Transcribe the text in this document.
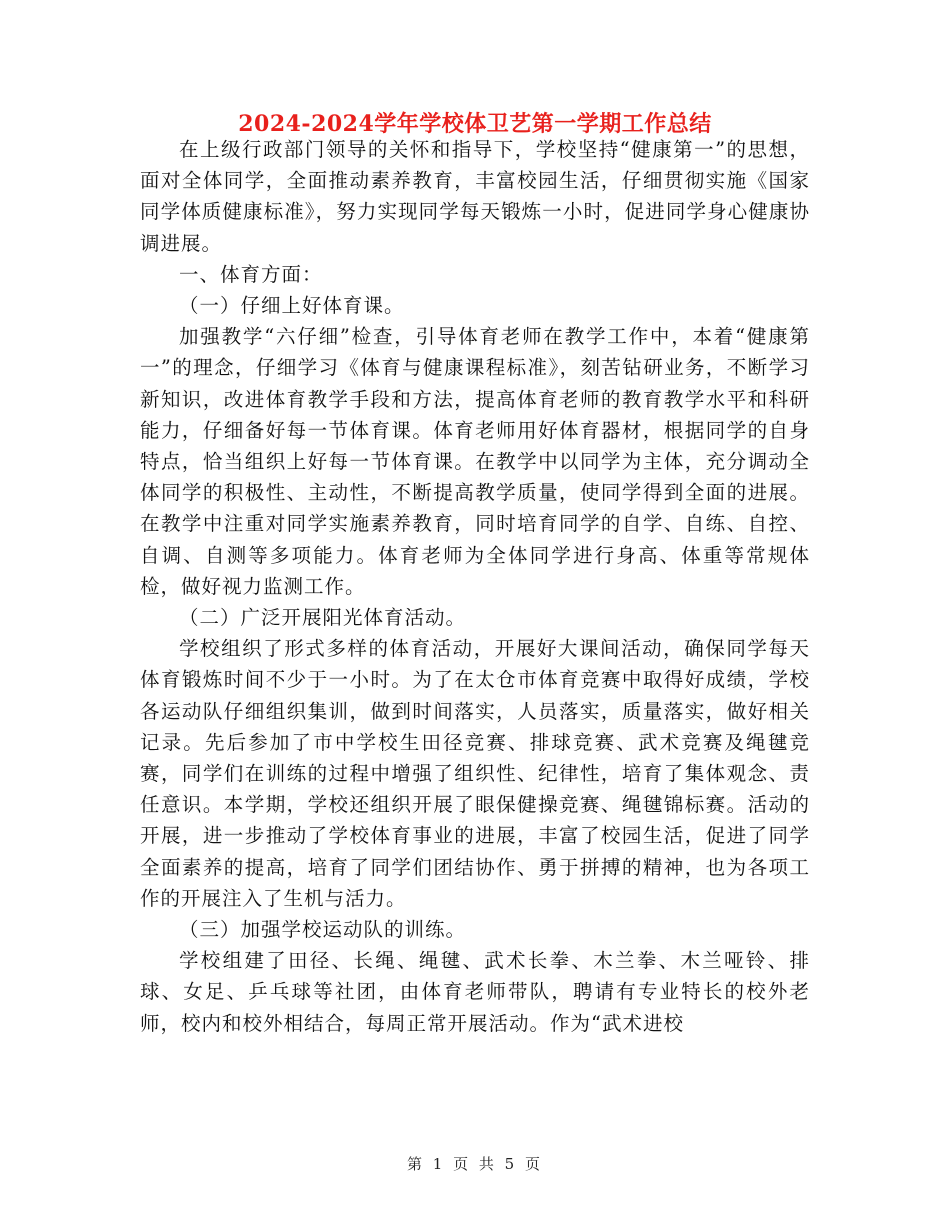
2024-2024学年学校体卫艺第一学期工作总结

在上级行政部门领导的关怀和指导下，学校坚持“健康第一”的思想，面对全体同学，全面推动素养教育，丰富校园生活，仔细贯彻实施《国家同学体质健康标准》，努力实现同学每天锻炼一小时，促进同学身心健康协调进展。

一、体育方面：

（一）仔细上好体育课。

加强教学“六仔细”检查，引导体育老师在教学工作中，本着“健康第一”的理念，仔细学习《体育与健康课程标准》，刻苦钻研业务，不断学习新知识，改进体育教学手段和方法，提高体育老师的教育教学水平和科研能力，仔细备好每一节体育课。体育老师用好体育器材，根据同学的自身特点，恰当组织上好每一节体育课。在教学中以同学为主体，充分调动全体同学的积极性、主动性，不断提高教学质量，使同学得到全面的进展。在教学中注重对同学实施素养教育，同时培育同学的自学、自练、自控、自调、自测等多项能力。体育老师为全体同学进行身高、体重等常规体检，做好视力监测工作。

（二）广泛开展阳光体育活动。

学校组织了形式多样的体育活动，开展好大课间活动，确保同学每天体育锻炼时间不少于一小时。为了在太仓市体育竞赛中取得好成绩，学校各运动队仔细组织集训，做到时间落实，人员落实，质量落实，做好相关记录。先后参加了市中学校生田径竞赛、排球竞赛、武术竞赛及绳毽竞赛，同学们在训练的过程中增强了组织性、纪律性，培育了集体观念、责任意识。本学期，学校还组织开展了眼保健操竞赛、绳毽锦标赛。活动的开展，进一步推动了学校体育事业的进展，丰富了校园生活，促进了同学全面素养的提高，培育了同学们团结协作、勇于拼搏的精神，也为各项工作的开展注入了生机与活力。

（三）加强学校运动队的训练。

学校组建了田径、长绳、绳毽、武术长拳、木兰拳、木兰哑铃、排球、女足、乒乓球等社团，由体育老师带队，聘请有专业特长的校外老师，校内和校外相结合，每周正常开展活动。作为“武术进校

第 1 页 共 5 页
